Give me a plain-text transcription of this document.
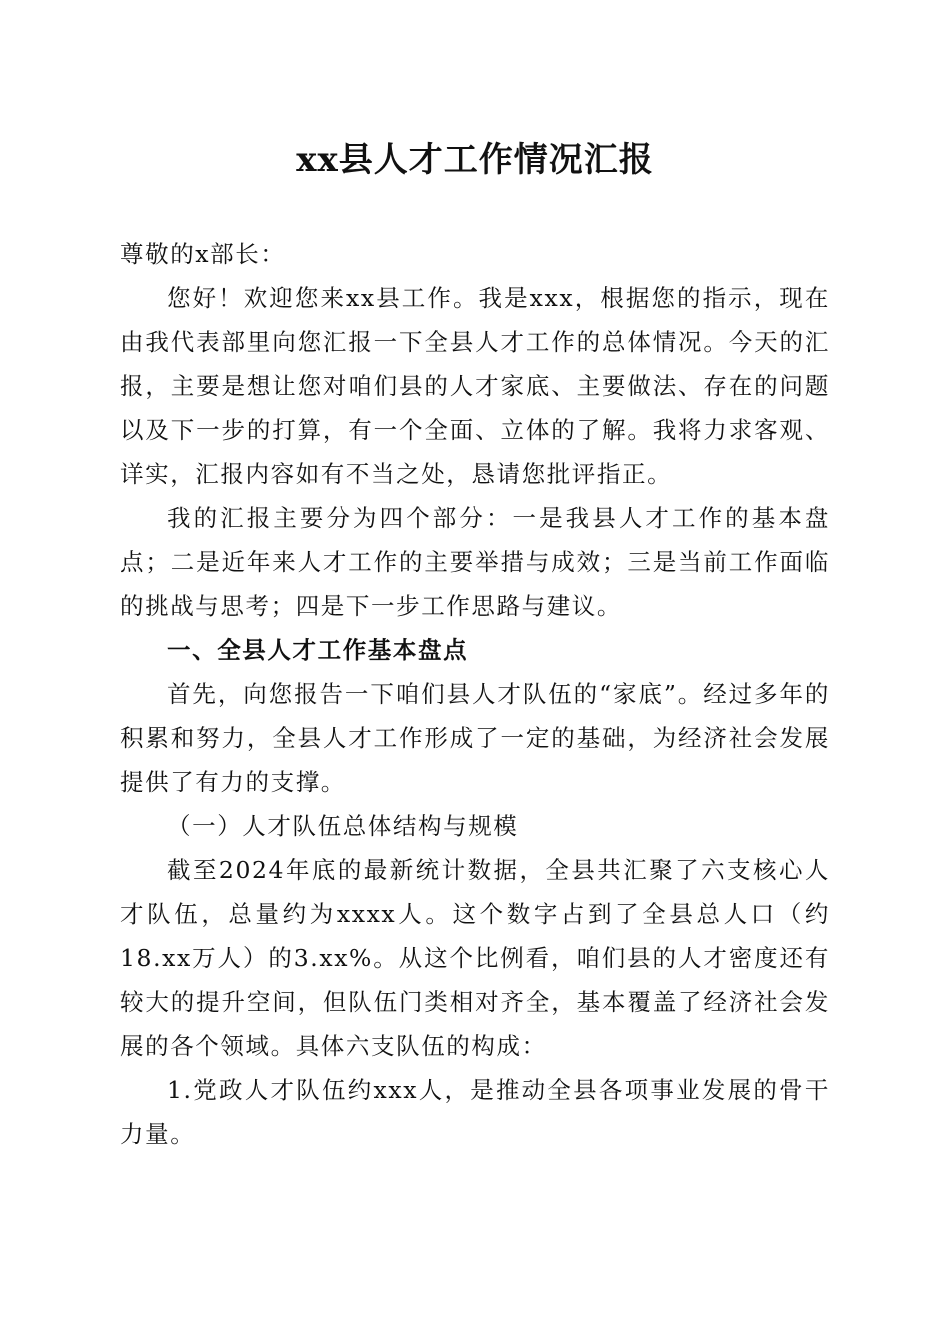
xx县人才工作情况汇报

尊敬的x部长：

您好！欢迎您来xx县工作。我是xxx，根据您的指示，现在由我代表部里向您汇报一下全县人才工作的总体情况。今天的汇报，主要是想让您对咱们县的人才家底、主要做法、存在的问题以及下一步的打算，有一个全面、立体的了解。我将力求客观、详实，汇报内容如有不当之处，恳请您批评指正。

我的汇报主要分为四个部分：一是我县人才工作的基本盘点；二是近年来人才工作的主要举措与成效；三是当前工作面临的挑战与思考；四是下一步工作思路与建议。

一、全县人才工作基本盘点

首先，向您报告一下咱们县人才队伍的“家底”。经过多年的积累和努力，全县人才工作形成了一定的基础，为经济社会发展提供了有力的支撑。

（一）人才队伍总体结构与规模

截至2024年底的最新统计数据，全县共汇聚了六支核心人才队伍，总量约为xxxx人。这个数字占到了全县总人口（约18.xx万人）的3.xx%。从这个比例看，咱们县的人才密度还有较大的提升空间，但队伍门类相对齐全，基本覆盖了经济社会发展的各个领域。具体六支队伍的构成：

1.党政人才队伍约xxx人，是推动全县各项事业发展的骨干力量。
